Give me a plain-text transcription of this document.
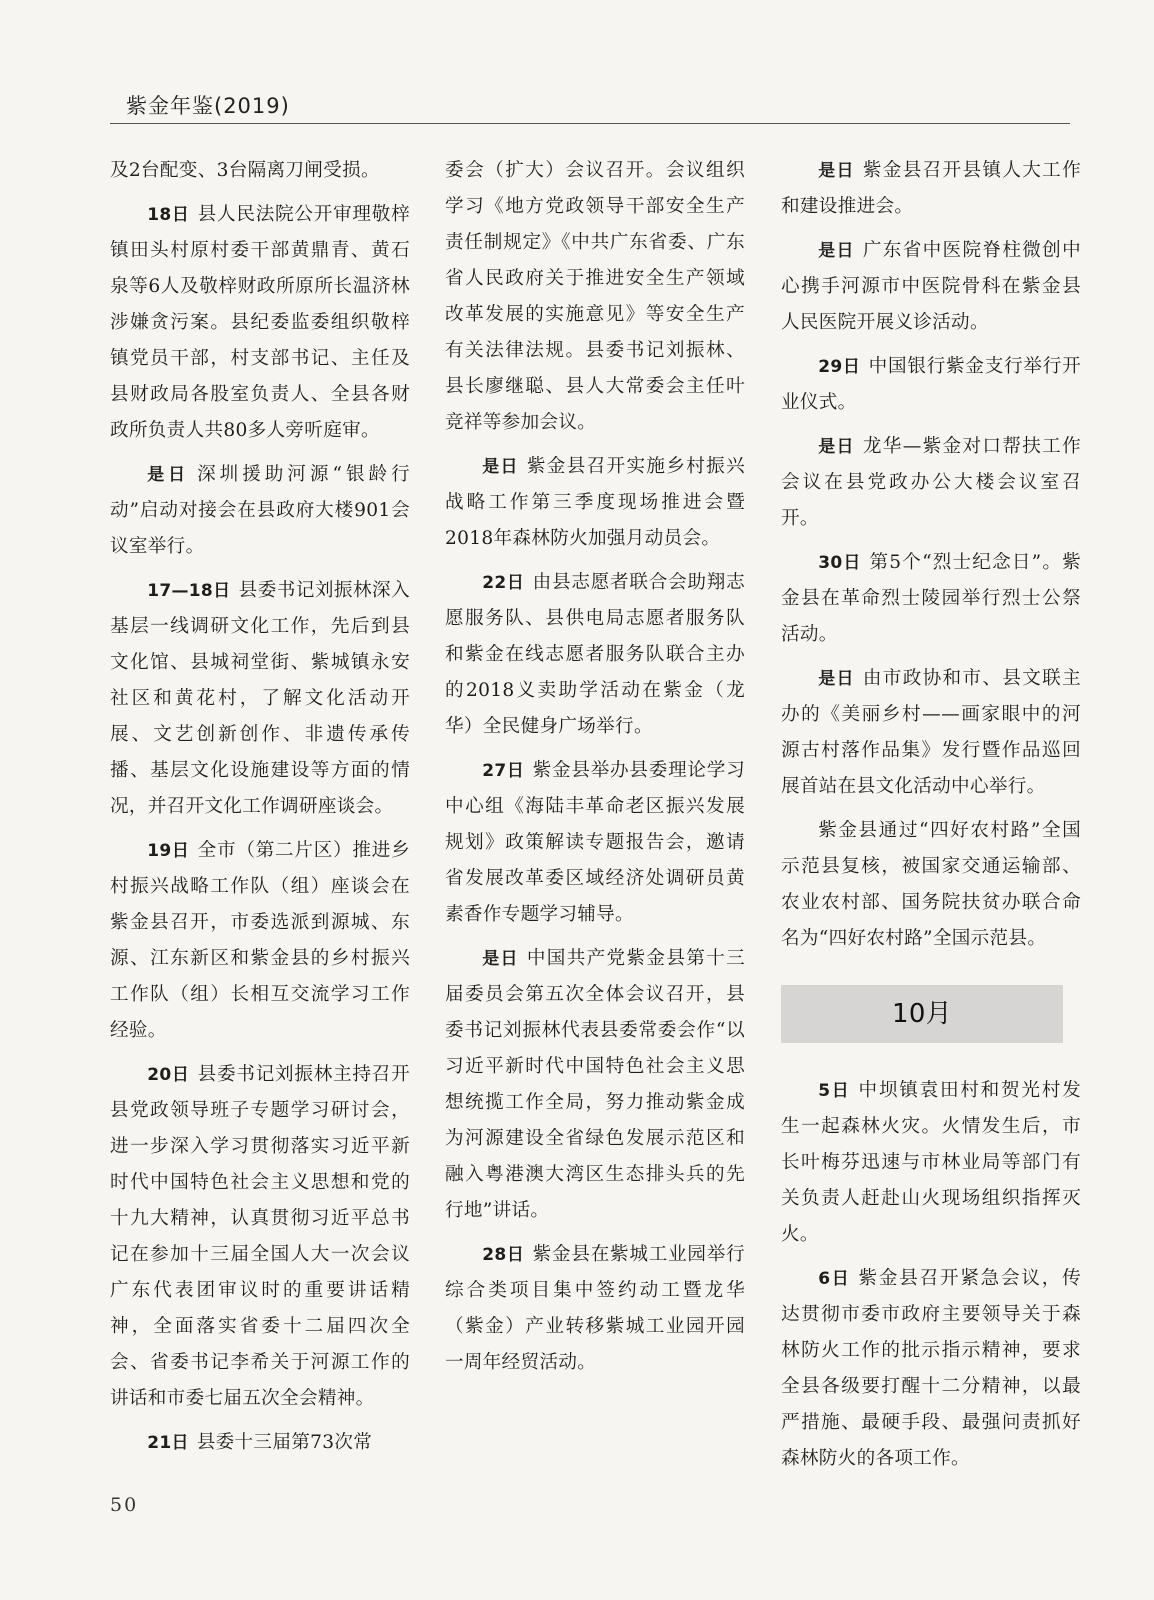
紫金年鉴(2019)

及2台配变、3台隔离刀闸受损。

18日 县人民法院公开审理敬梓镇田头村原村委干部黄鼎青、黄石泉等6人及敬梓财政所原所长温济林涉嫌贪污案。县纪委监委组织敬梓镇党员干部，村支部书记、主任及县财政局各股室负责人、全县各财政所负责人共80多人旁听庭审。

是日 深圳援助河源“银龄行动”启动对接会在县政府大楼901会议室举行。

17—18日 县委书记刘振林深入基层一线调研文化工作，先后到县文化馆、县城祠堂街、紫城镇永安社区和黄花村，了解文化活动开展、文艺创新创作、非遗传承传播、基层文化设施建设等方面的情况，并召开文化工作调研座谈会。

19日 全市（第二片区）推进乡村振兴战略工作队（组）座谈会在紫金县召开，市委选派到源城、东源、江东新区和紫金县的乡村振兴工作队（组）长相互交流学习工作经验。

20日 县委书记刘振林主持召开县党政领导班子专题学习研讨会，进一步深入学习贯彻落实习近平新时代中国特色社会主义思想和党的十九大精神，认真贯彻习近平总书记在参加十三届全国人大一次会议广东代表团审议时的重要讲话精神，全面落实省委十二届四次全会、省委书记李希关于河源工作的讲话和市委七届五次全会精神。

21日 县委十三届第73次常

委会（扩大）会议召开。会议组织学习《地方党政领导干部安全生产责任制规定》《中共广东省委、广东省人民政府关于推进安全生产领域改革发展的实施意见》等安全生产有关法律法规。县委书记刘振林、县长廖继聪、县人大常委会主任叶竞祥等参加会议。

是日 紫金县召开实施乡村振兴战略工作第三季度现场推进会暨2018年森林防火加强月动员会。

22日 由县志愿者联合会助翔志愿服务队、县供电局志愿者服务队和紫金在线志愿者服务队联合主办的2018义卖助学活动在紫金（龙华）全民健身广场举行。

27日 紫金县举办县委理论学习中心组《海陆丰革命老区振兴发展规划》政策解读专题报告会，邀请省发展改革委区域经济处调研员黄素香作专题学习辅导。

是日 中国共产党紫金县第十三届委员会第五次全体会议召开，县委书记刘振林代表县委常委会作“以习近平新时代中国特色社会主义思想统揽工作全局，努力推动紫金成为河源建设全省绿色发展示范区和融入粤港澳大湾区生态排头兵的先行地”讲话。

28日 紫金县在紫城工业园举行综合类项目集中签约动工暨龙华（紫金）产业转移紫城工业园开园一周年经贸活动。

是日 紫金县召开县镇人大工作和建设推进会。

是日 广东省中医院脊柱微创中心携手河源市中医院骨科在紫金县人民医院开展义诊活动。

29日 中国银行紫金支行举行开业仪式。

是日 龙华—紫金对口帮扶工作会议在县党政办公大楼会议室召开。

30日 第5个“烈士纪念日”。紫金县在革命烈士陵园举行烈士公祭活动。

是日 由市政协和市、县文联主办的《美丽乡村——画家眼中的河源古村落作品集》发行暨作品巡回展首站在县文化活动中心举行。

紫金县通过“四好农村路”全国示范县复核，被国家交通运输部、农业农村部、国务院扶贫办联合命名为“四好农村路”全国示范县。

10月

5日 中坝镇袁田村和贺光村发生一起森林火灾。火情发生后，市长叶梅芬迅速与市林业局等部门有关负责人赶赴山火现场组织指挥灭火。

6日 紫金县召开紧急会议，传达贯彻市委市政府主要领导关于森林防火工作的批示指示精神，要求全县各级要打醒十二分精神，以最严措施、最硬手段、最强问责抓好森林防火的各项工作。

50
